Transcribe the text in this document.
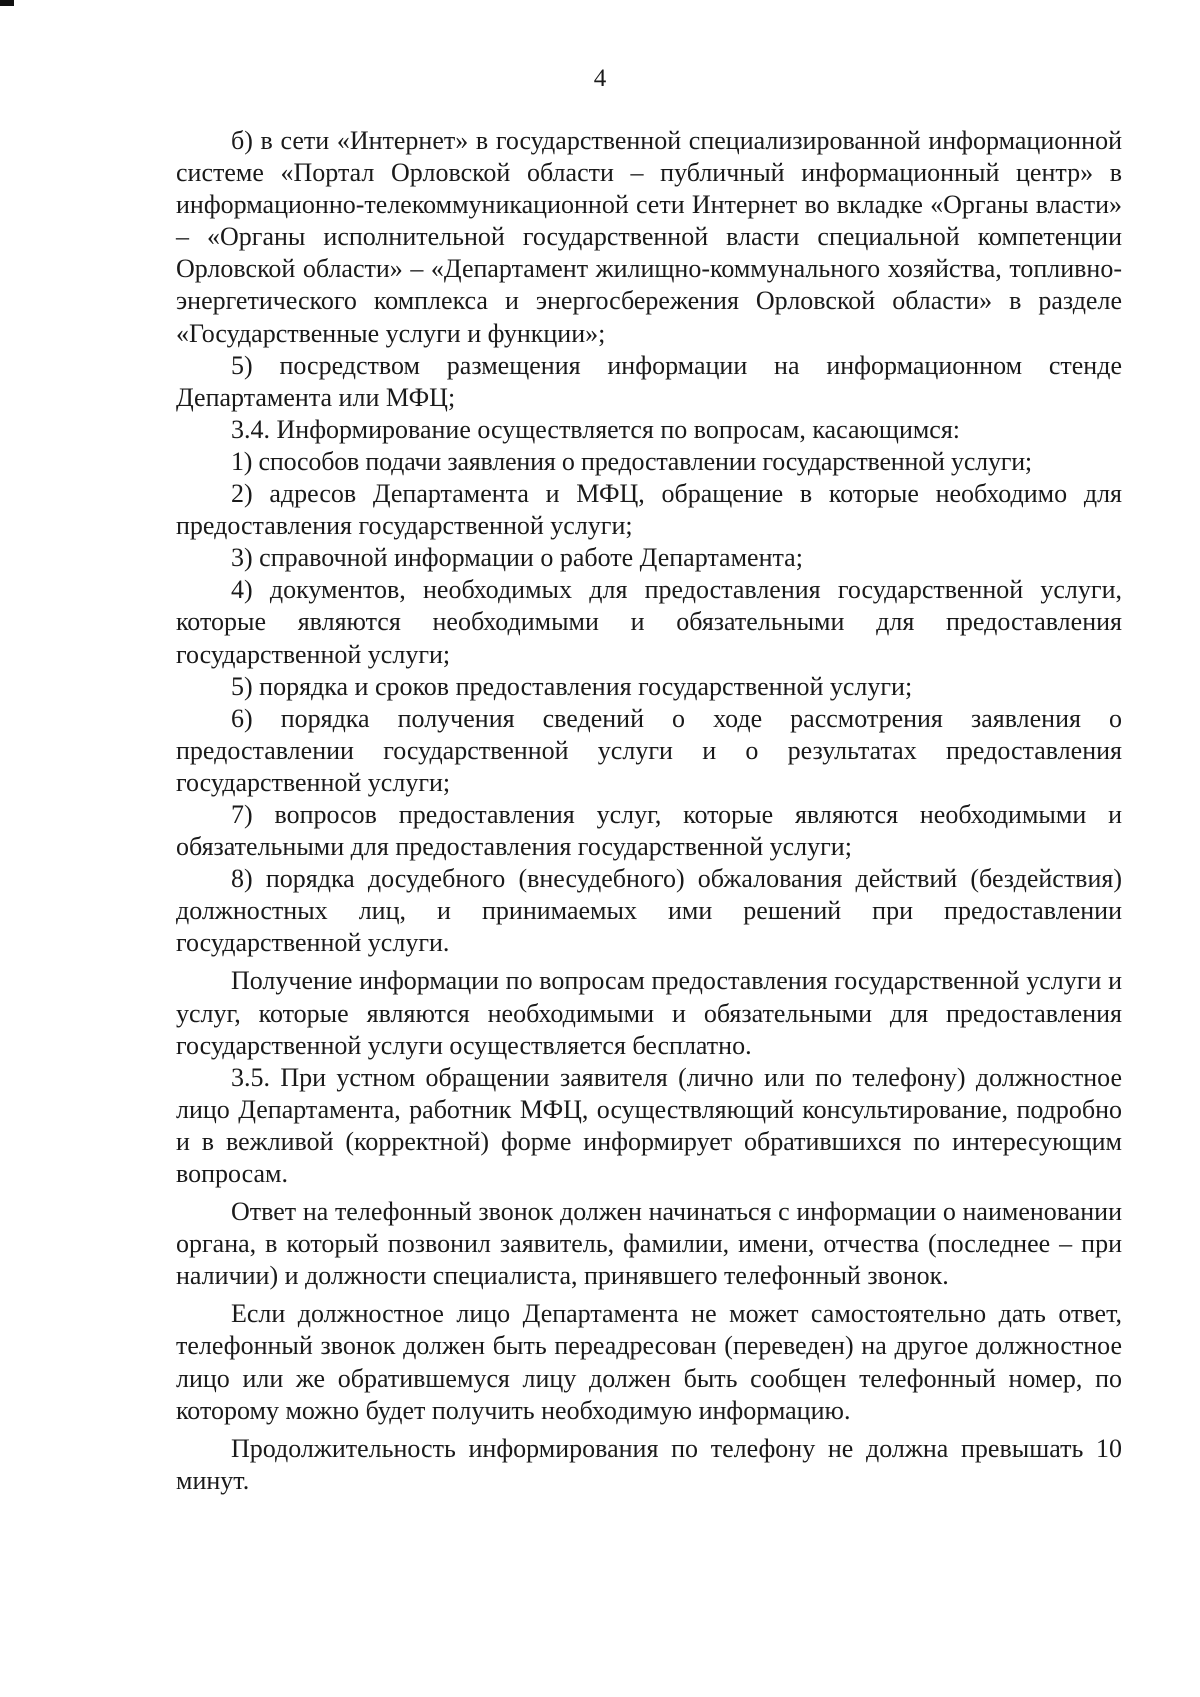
4

б) в сети «Интернет» в государственной специализированной информационной системе «Портал Орловской области – публичный информационный центр» в информационно-телекоммуникационной сети Интернет во вкладке «Органы власти» – «Органы исполнительной государственной власти специальной компетенции Орловской области» – «Департамент жилищно-коммунального хозяйства, топливно-энергетического комплекса и энергосбережения Орловской области» в разделе «Государственные услуги и функции»;

5) посредством размещения информации на информационном стенде Департамента или МФЦ;

3.4. Информирование осуществляется по вопросам, касающимся:

1) способов подачи заявления о предоставлении государственной услуги;

2) адресов Департамента и МФЦ, обращение в которые необходимо для предоставления государственной услуги;

3) справочной информации о работе Департамента;

4) документов, необходимых для предоставления государственной услуги, которые являются необходимыми и обязательными для предоставления государственной услуги;

5) порядка и сроков предоставления государственной услуги;

6) порядка получения сведений о ходе рассмотрения заявления о предоставлении государственной услуги и о результатах предоставления государственной услуги;

7) вопросов предоставления услуг, которые являются необходимыми и обязательными для предоставления государственной услуги;

8) порядка досудебного (внесудебного) обжалования действий (бездействия) должностных лиц, и принимаемых ими решений при предоставлении государственной услуги.

Получение информации по вопросам предоставления государственной услуги и услуг, которые являются необходимыми и обязательными для предоставления государственной услуги осуществляется бесплатно.

3.5. При устном обращении заявителя (лично или по телефону) должностное лицо Департамента, работник МФЦ, осуществляющий консультирование, подробно и в вежливой (корректной) форме информирует обратившихся по интересующим вопросам.

Ответ на телефонный звонок должен начинаться с информации о наименовании органа, в который позвонил заявитель, фамилии, имени, отчества (последнее – при наличии) и должности специалиста, принявшего телефонный звонок.

Если должностное лицо Департамента не может самостоятельно дать ответ, телефонный звонок должен быть переадресован (переведен) на другое должностное лицо или же обратившемуся лицу должен быть сообщен телефонный номер, по которому можно будет получить необходимую информацию.

Продолжительность информирования по телефону не должна превышать 10 минут.
